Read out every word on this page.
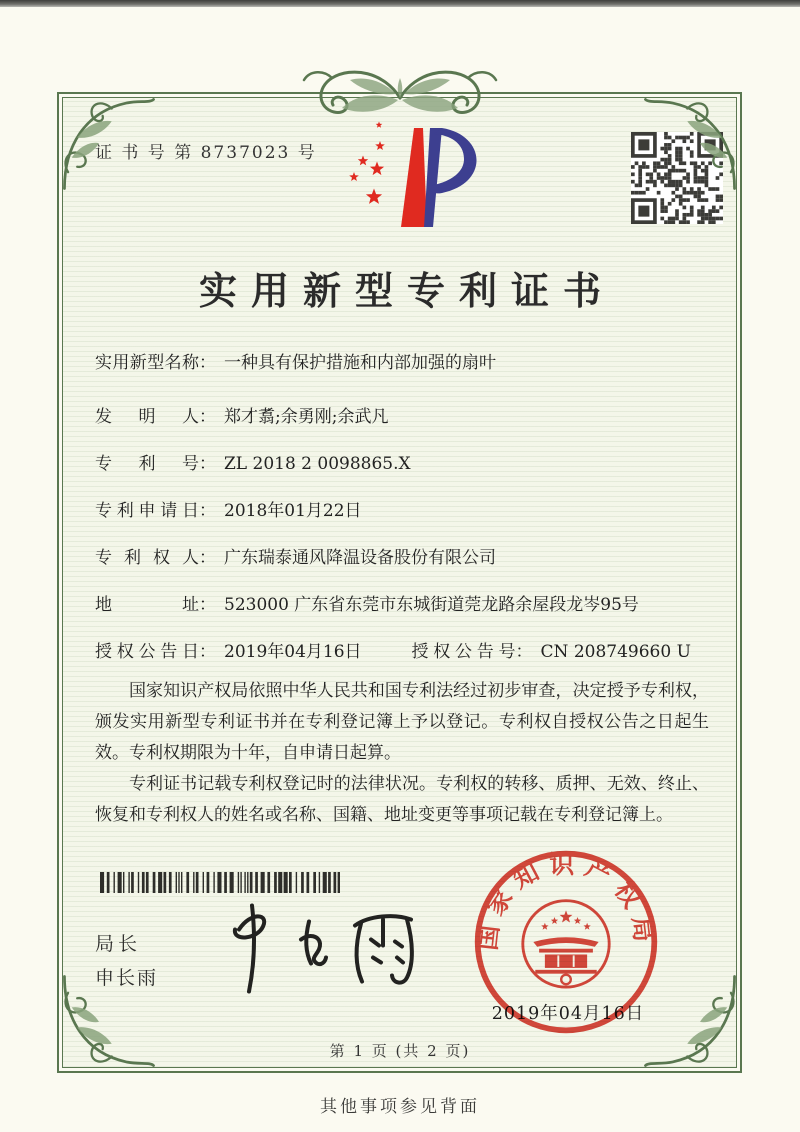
证 书 号 第 8737023 号
实用新型专利证书
实用新型名称： 一种具有保护措施和内部加强的扇叶
发明人： 郑才翥;余勇刚;余武凡
专利号： ZL 2018 2 0098865.X
专利申请日： 2018年01月22日
专利权人： 广东瑞泰通风降温设备股份有限公司
地址： 523000 广东省东莞市东城街道莞龙路余屋段龙岑95号
授权公告日： 2019年04月16日	授权公告号： CN 208749660 U

国家知识产权局依照中华人民共和国专利法经过初步审查，决定授予专利权，颁发实用新型专利证书并在专利登记簿上予以登记。专利权自授权公告之日起生效。专利权期限为十年，自申请日起算。

专利证书记载专利权登记时的法律状况。专利权的转移、质押、无效、终止、恢复和专利权人的姓名或名称、国籍、地址变更等事项记载在专利登记簿上。

局长
申长雨
2019年04月16日
国家知识产权局
第 1 页 (共 2 页)
其他事项参见背面
